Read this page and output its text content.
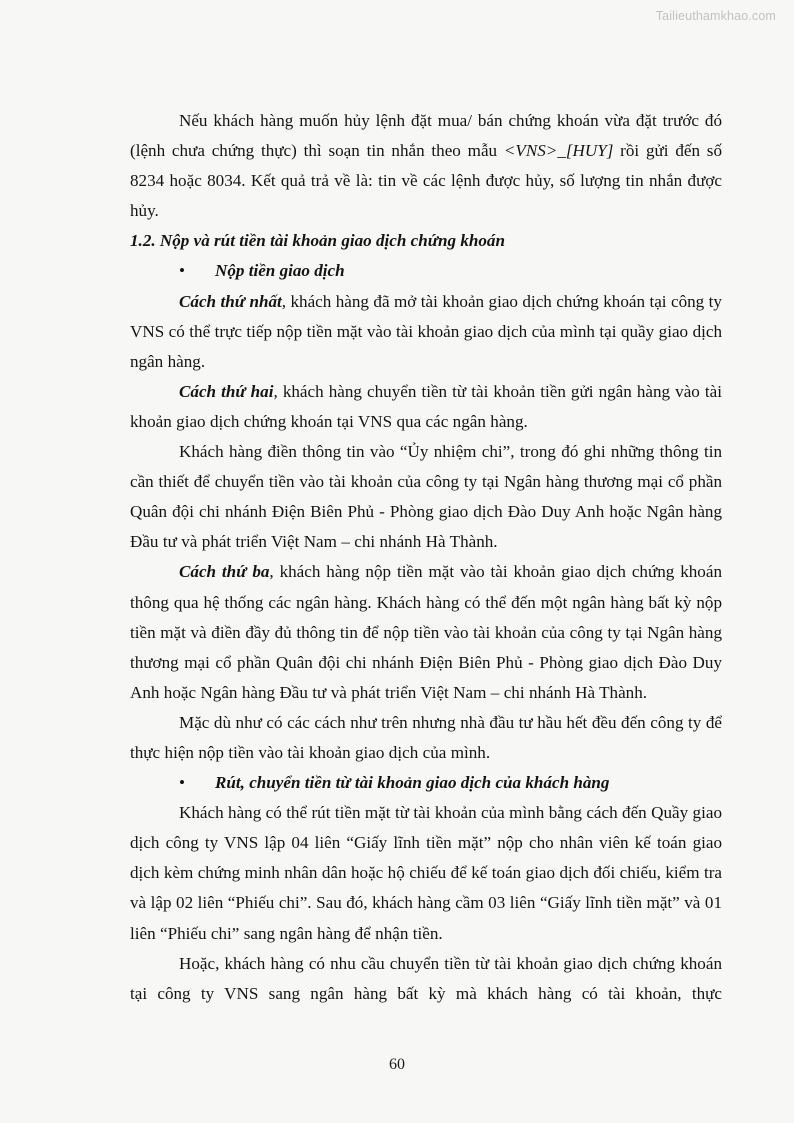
Tailieuthamkhao.com

Nếu khách hàng muốn hủy lệnh đặt mua/ bán chứng khoán vừa đặt trước đó (lệnh chưa chứng thực) thì soạn tin nhắn theo mẫu <VNS>_[HUY] rồi gửi đến số 8234 hoặc 8034. Kết quả trả về là: tin về các lệnh được hủy, số lượng tin nhắn được hủy.

1.2. Nộp và rút tiền tài khoản giao dịch chứng khoán

• Nộp tiền giao dịch

Cách thứ nhất, khách hàng đã mở tài khoản giao dịch chứng khoán tại công ty VNS có thể trực tiếp nộp tiền mặt vào tài khoản giao dịch của mình tại quầy giao dịch ngân hàng.

Cách thứ hai, khách hàng chuyển tiền từ tài khoản tiền gửi ngân hàng vào tài khoản giao dịch chứng khoán tại VNS qua các ngân hàng.

Khách hàng điền thông tin vào “Ủy nhiệm chi”, trong đó ghi những thông tin cần thiết để chuyển tiền vào tài khoản của công ty tại Ngân hàng thương mại cổ phần Quân đội chi nhánh Điện Biên Phủ - Phòng giao dịch Đào Duy Anh hoặc Ngân hàng Đầu tư và phát triển Việt Nam – chi nhánh Hà Thành.

Cách thứ ba, khách hàng nộp tiền mặt vào tài khoản giao dịch chứng khoán thông qua hệ thống các ngân hàng. Khách hàng có thể đến một ngân hàng bất kỳ nộp tiền mặt và điền đầy đủ thông tin để nộp tiền vào tài khoản của công ty tại Ngân hàng thương mại cổ phần Quân đội chi nhánh Điện Biên Phủ - Phòng giao dịch Đào Duy Anh hoặc Ngân hàng Đầu tư và phát triển Việt Nam – chi nhánh Hà Thành.

Mặc dù như có các cách như trên nhưng nhà đầu tư hầu hết đều đến công ty để thực hiện nộp tiền vào tài khoản giao dịch của mình.

• Rút, chuyển tiền từ tài khoản giao dịch của khách hàng

Khách hàng có thể rút tiền mặt từ tài khoản của mình bằng cách đến Quầy giao dịch công ty VNS lập 04 liên “Giấy lĩnh tiền mặt” nộp cho nhân viên kế toán giao dịch kèm chứng minh nhân dân hoặc hộ chiếu để kế toán giao dịch đối chiếu, kiểm tra và lập 02 liên “Phiếu chi”. Sau đó, khách hàng cầm 03 liên “Giấy lĩnh tiền mặt” và 01 liên “Phiếu chi” sang ngân hàng để nhận tiền.

Hoặc, khách hàng có nhu cầu chuyển tiền từ tài khoản giao dịch chứng khoán tại công ty VNS sang ngân hàng bất kỳ mà khách hàng có tài khoản, thực

60
